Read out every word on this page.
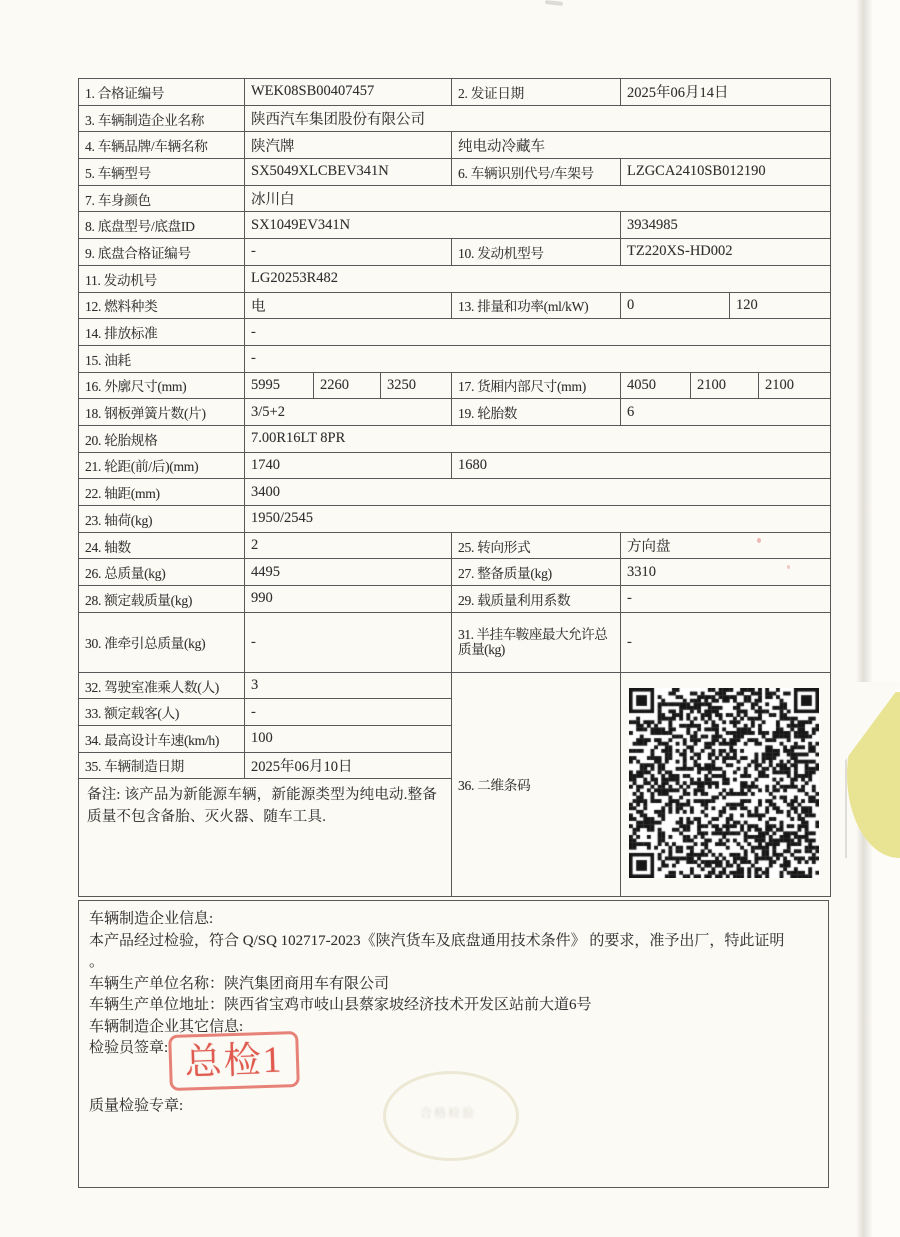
1. 合格证编号	WEK08SB00407457	2. 发证日期	2025年06月14日
3. 车辆制造企业名称	陕西汽车集团股份有限公司
4. 车辆品牌/车辆名称	陕汽牌	纯电动冷藏车
5. 车辆型号	SX5049XLCBEV341N	6. 车辆识别代号/车架号	LZGCA2410SB012190
7. 车身颜色	冰川白
8. 底盘型号/底盘ID	SX1049EV341N	3934985
9. 底盘合格证编号	-	10. 发动机型号	TZ220XS-HD002
11. 发动机号	LG20253R482
12. 燃料种类	电	13. 排量和功率(ml/kW)	0	120
14. 排放标准	-
15. 油耗	-
16. 外廓尺寸(mm)	5995	2260	3250	17. 货厢内部尺寸(mm)	4050	2100	2100
18. 钢板弹簧片数(片)	3/5+2	19. 轮胎数	6
20. 轮胎规格	7.00R16LT 8PR
21. 轮距(前/后)(mm)	1740	1680
22. 轴距(mm)	3400
23. 轴荷(kg)	1950/2545
24. 轴数	2	25. 转向形式	方向盘
26. 总质量(kg)	4495	27. 整备质量(kg)	3310
28. 额定载质量(kg)	990	29. 载质量利用系数	-
30. 准牵引总质量(kg)	-	31. 半挂车鞍座最大允许总质量(kg)	-
32. 驾驶室准乘人数(人)	3
33. 额定载客(人)	-
34. 最高设计车速(km/h)	100
35. 车辆制造日期	2025年06月10日
备注: 该产品为新能源车辆，新能源类型为纯电动.整备质量不包含备胎、灭火器、随车工具.
36. 二维条码
车辆制造企业信息:
本产品经过检验，符合 Q/SQ 102717-2023《陕汽货车及底盘通用技术条件》 的要求，准予出厂，特此证明
。
车辆生产单位名称：陕汽集团商用车有限公司
车辆生产单位地址：陕西省宝鸡市岐山县蔡家坡经济技术开发区站前大道6号
车辆制造企业其它信息:
检验员签章:
质量检验专章:
总检1
合格检验
